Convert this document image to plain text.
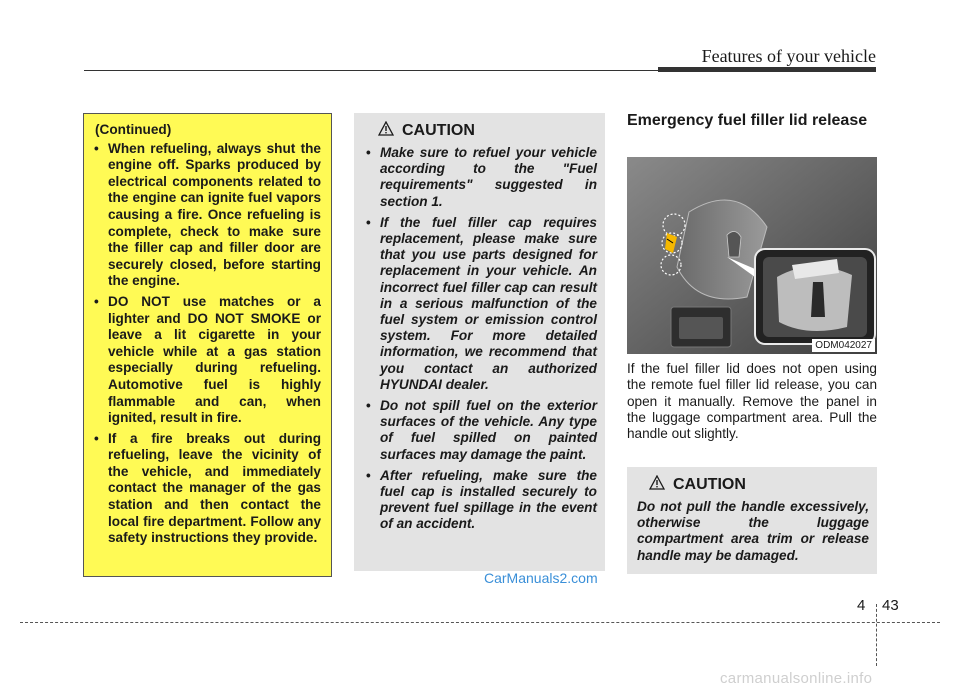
Features of your vehicle
(Continued)
• When refueling, always shut the engine off. Sparks produced by electrical components related to the engine can ignite fuel vapors causing a fire. Once refueling is complete, check to make sure the filler cap and filler door are securely closed, before starting the engine.
• DO NOT use matches or a lighter and DO NOT SMOKE or leave a lit cigarette in your vehicle while at a gas station especially during refueling. Automotive fuel is highly flammable and can, when ignited, result in fire.
• If a fire breaks out during refueling, leave the vicinity of the vehicle, and immediately contact the manager of the gas station and then contact the local fire department. Follow any safety instructions they provide.
CAUTION
• Make sure to refuel your vehicle according to the "Fuel requirements" suggested in section 1.
• If the fuel filler cap requires replacement, please make sure that you use parts designed for replacement in your vehicle. An incorrect fuel filler cap can result in a serious malfunction of the fuel system or emission control system. For more detailed information, we recommend that you contact an authorized HYUNDAI dealer.
• Do not spill fuel on the exterior surfaces of the vehicle. Any type of fuel spilled on painted surfaces may damage the paint.
• After refueling, make sure the fuel cap is installed securely to prevent fuel spillage in the event of an accident.
Emergency fuel filler lid release
ODM042027
If the fuel filler lid does not open using the remote fuel filler lid release, you can open it manually. Remove the panel in the luggage compartment area. Pull the handle out slightly.
CAUTION

Do not pull the handle excessively, otherwise the luggage compartment area trim or release handle may be damaged.

CarManuals2.com
4 43
carmanualsonline.info
